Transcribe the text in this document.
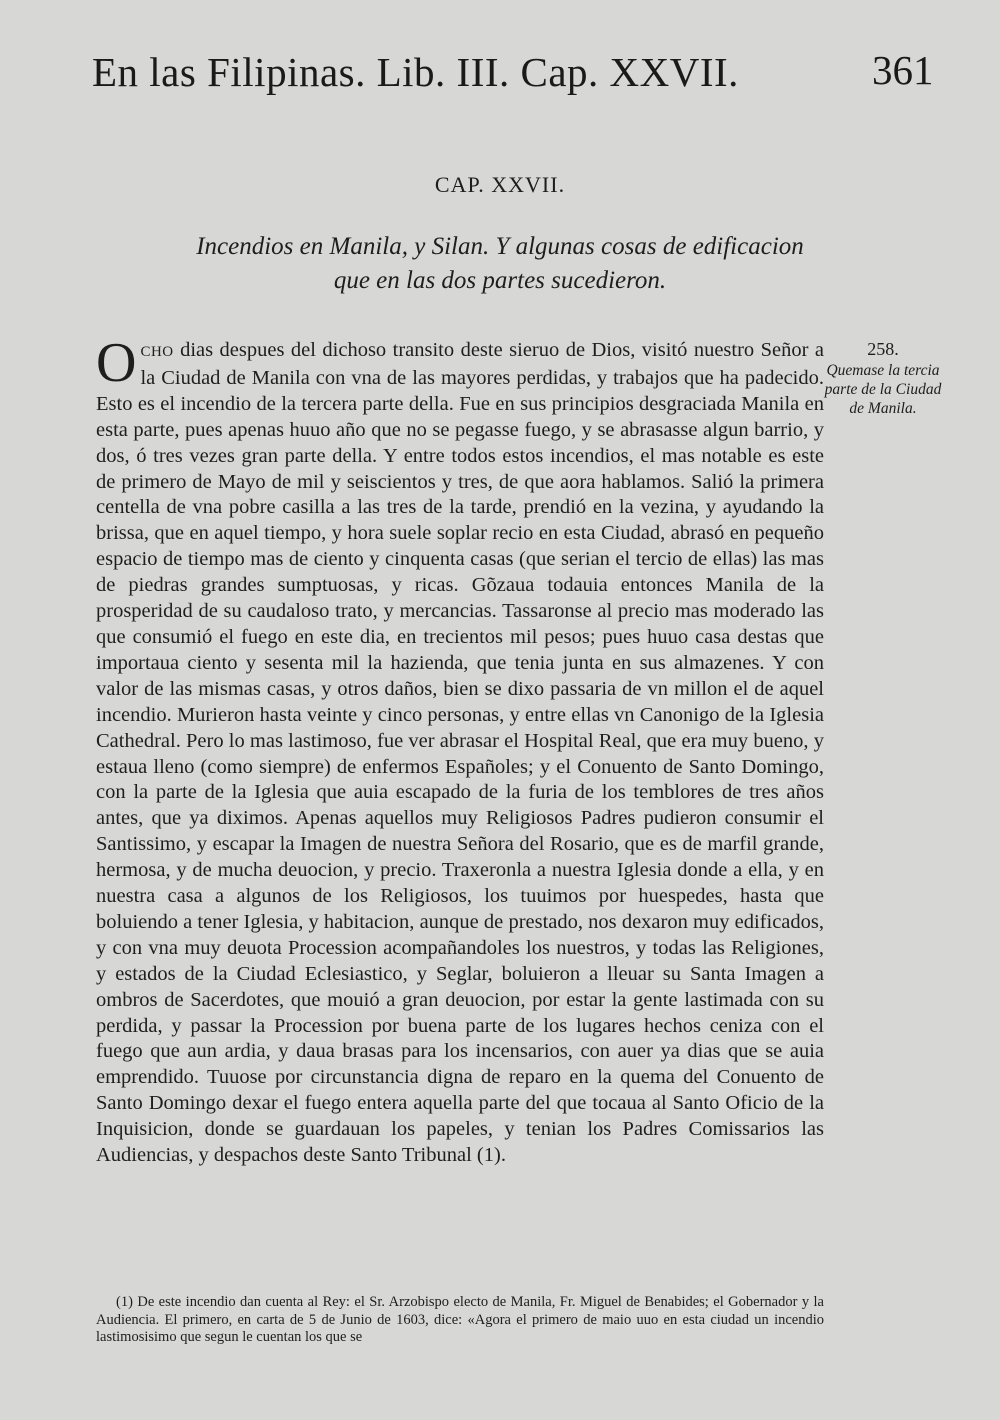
En las Filipinas. Lib. III. Cap. XXVII.	361
CAP. XXVII.
Incendios en Manila, y Silan. Y algunas cosas de edificacion
que en las dos partes sucedieron.

OCHO dias despues del dichoso transito deste sieruo de Dios, visitó nuestro Señor a la Ciudad de Manila con vna de las mayores perdidas, y trabajos que ha padecido. Esto es el incendio de la tercera parte della. Fue en sus principios desgraciada Manila en esta parte, pues apenas huuo año que no se pegasse fuego, y se abrasasse algun barrio, y dos, ó tres vezes gran parte della. Y entre todos estos incendios, el mas notable es este de primero de Mayo de mil y seiscientos y tres, de que aora hablamos. Salió la primera centella de vna pobre casilla a las tres de la tarde, prendió en la vezina, y ayudando la brissa, que en aquel tiempo, y hora suele soplar recio en esta Ciudad, abrasó en pequeño espacio de tiempo mas de ciento y cinquenta casas (que serian el tercio de ellas) las mas de piedras grandes sumptuosas, y ricas. Gõzaua todauia entonces Manila de la prosperidad de su caudaloso trato, y mercancias. Tassaronse al precio mas moderado las que consumió el fuego en este dia, en trecientos mil pesos; pues huuo casa destas que importaua ciento y sesenta mil la hazienda, que tenia junta en sus almazenes. Y con valor de las mismas casas, y otros daños, bien se dixo passaria de vn millon el de aquel incendio. Murieron hasta veinte y cinco personas, y entre ellas vn Canonigo de la Iglesia Cathedral. Pero lo mas lastimoso, fue ver abrasar el Hospital Real, que era muy bueno, y estaua lleno (como siempre) de enfermos Españoles; y el Conuento de Santo Domingo, con la parte de la Iglesia que auia escapado de la furia de los temblores de tres años antes, que ya diximos. Apenas aquellos muy Religiosos Padres pudieron consumir el Santissimo, y escapar la Imagen de nuestra Señora del Rosario, que es de marfil grande, hermosa, y de mucha deuocion, y precio. Traxeronla a nuestra Iglesia donde a ella, y en nuestra casa a algunos de los Religiosos, los tuuimos por huespedes, hasta que boluiendo a tener Iglesia, y habitacion, aunque de prestado, nos dexaron muy edificados, y con vna muy deuota Procession acompañandoles los nuestros, y todas las Religiones, y estados de la Ciudad Eclesiastico, y Seglar, boluieron a lleuar su Santa Imagen a ombros de Sacerdotes, que mouió a gran deuocion, por estar la gente lastimada con su perdida, y passar la Procession por buena parte de los lugares hechos ceniza con el fuego que aun ardia, y daua brasas para los incensarios, con auer ya dias que se auia emprendido. Tuuose por circunstancia digna de reparo en la quema del Conuento de Santo Domingo dexar el fuego entera aquella parte del que tocaua al Santo Oficio de la Inquisicion, donde se guardauan los papeles, y tenian los Padres Comissarios las Audiencias, y despachos deste Santo Tribunal (1).

258.
Quemase la tercia parte de la Ciudad de Manila.

(1) De este incendio dan cuenta al Rey: el Sr. Arzobispo electo de Manila, Fr. Miguel de Benabides; el Gobernador y la Audiencia. El primero, en carta de 5 de Junio de 1603, dice: «Agora el primero de maio uuo en esta ciudad un incendio lastimosisimo que segun le cuentan los que se
